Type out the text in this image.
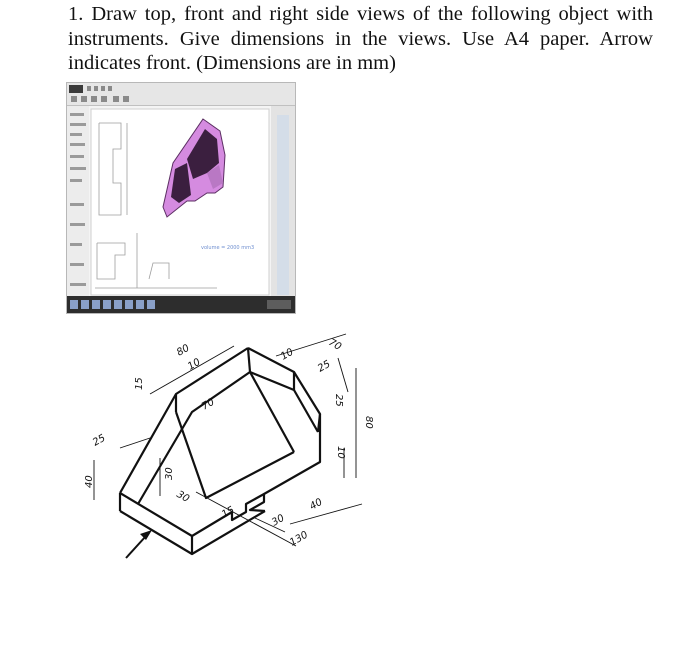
1. Draw top, front and right side views of the following object with instruments. Give dimensions in the views. Use A4 paper. Arrow indicates front. (Dimensions are in mm)

volume = 2000 mm3
80
10
10
70
25
25
15
70
80
10
25
40
30
30
15
30
40
130
